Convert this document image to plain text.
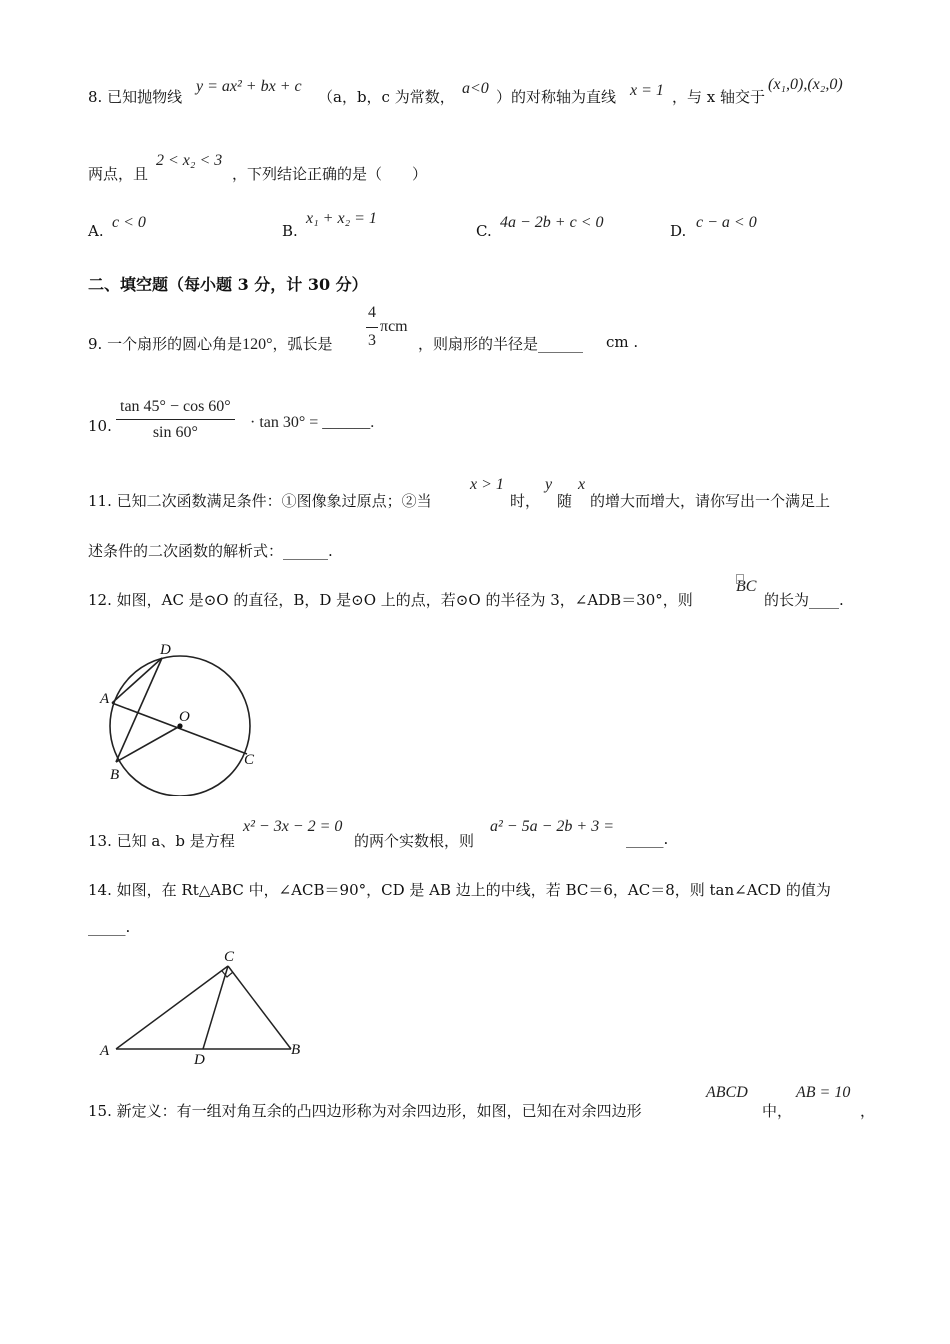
8. 已知抛物线
y = ax² + bx + c
（a，b，c 为常数， a<0 ）的对称轴为直线 x = 1 ，与 x 轴交于
(x₁,0),(x₂,0)
两点，且
2 < x₂ < 3
，下列结论正确的是（　　）
A. c < 0	B.
x₁ + x₂ = 1
C. 4a − 2b + c < 0	D. c − a < 0
二、填空题（每小题 3 分，计 30 分）
9. 一个扇形的圆心角是120°，弧长是
4
3
πcm
，则扇形的半径是______ cm .
10. $\frac{\tan 45^\circ - \cos 60^\circ}{\sin 60^\circ} \cdot \tan 30^\circ$ = ______.
11. 已知二次函数满足条件：①图像象过原点；②当
x > 1
时，
y
随
x
的增大而增大，请你写出一个满足上
述条件的二次函数的解析式：______.
12. 如图，AC 是⊙O 的直径，B，D 是⊙O 上的点，若⊙O 的半径为 3，∠ADB＝30°，则
BC
的长为____.
D
A
O
C
B
13. 已知 a、b 是方程
x² − 3x − 2 = 0
的两个实数根，则
a² − 5a − 2b + 3 =
_____.
14. 如图，在 Rt△ABC 中，∠ACB＝90°，CD 是 AB 边上的中线，若 BC＝6，AC＝8，则 tan∠ACD 的值为
_____.
C
A
D
B
15. 新定义：有一组对角互余的凸四边形称为对余四边形，如图，已知在对余四边形
ABCD
中，
AB = 10
，
